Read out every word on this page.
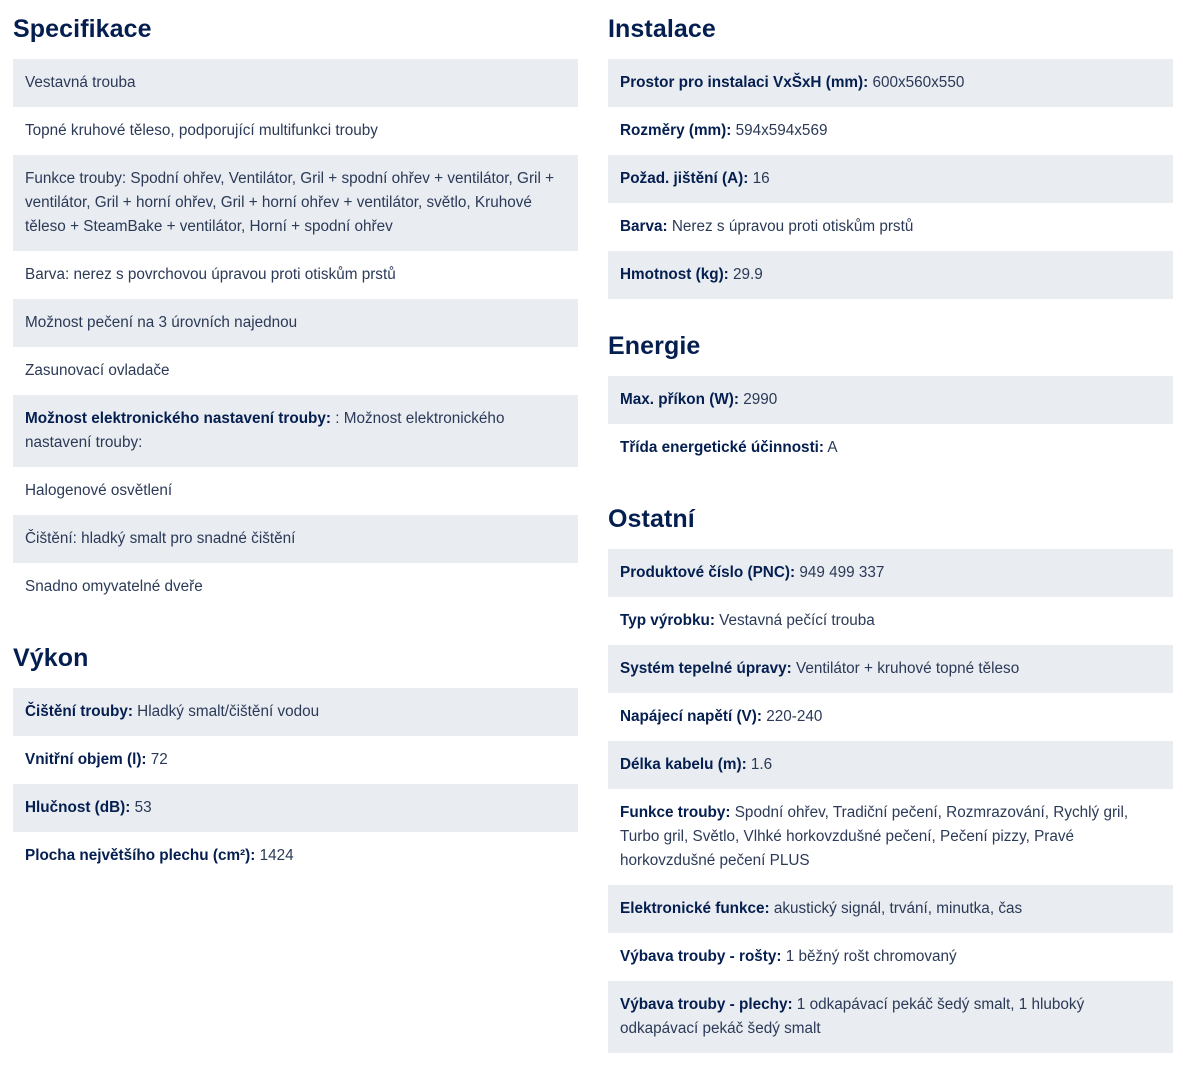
Specifikace
Vestavná trouba
Topné kruhové těleso, podporující multifunkci trouby
Funkce trouby: Spodní ohřev, Ventilátor, Gril + spodní ohřev + ventilátor, Gril + ventilátor, Gril + horní ohřev, Gril + horní ohřev + ventilátor, světlo, Kruhové těleso + SteamBake + ventilátor, Horní + spodní ohřev
Barva: nerez s povrchovou úpravou proti otiskům prstů
Možnost pečení na 3 úrovních najednou
Zasunovací ovladače
Možnost elektronického nastavení trouby: : Možnost elektronického nastavení trouby:
Halogenové osvětlení
Čištění: hladký smalt pro snadné čištění
Snadno omyvatelné dveře
Výkon
Čištění trouby: Hladký smalt/čištění vodou
Vnitřní objem (l): 72
Hlučnost (dB): 53
Plocha největšího plechu (cm²): 1424
Instalace
Prostor pro instalaci VxŠxH (mm): 600x560x550
Rozměry (mm): 594x594x569
Požad. jištění (A): 16
Barva: Nerez s úpravou proti otiskům prstů
Hmotnost (kg): 29.9
Energie
Max. příkon (W): 2990
Třída energetické účinnosti: A
Ostatní
Produktové číslo (PNC): 949 499 337
Typ výrobku: Vestavná pečící trouba
Systém tepelné úpravy: Ventilátor + kruhové topné těleso
Napájecí napětí (V): 220-240
Délka kabelu (m): 1.6
Funkce trouby: Spodní ohřev, Tradiční pečení, Rozmrazování, Rychlý gril, Turbo gril, Světlo, Vlhké horkovzdušné pečení, Pečení pizzy, Pravé horkovzdušné pečení PLUS
Elektronické funkce: akustický signál, trvání, minutka, čas
Výbava trouby - rošty: 1 běžný rošt chromovaný
Výbava trouby - plechy: 1 odkapávací pekáč šedý smalt, 1 hluboký odkapávací pekáč šedý smalt
